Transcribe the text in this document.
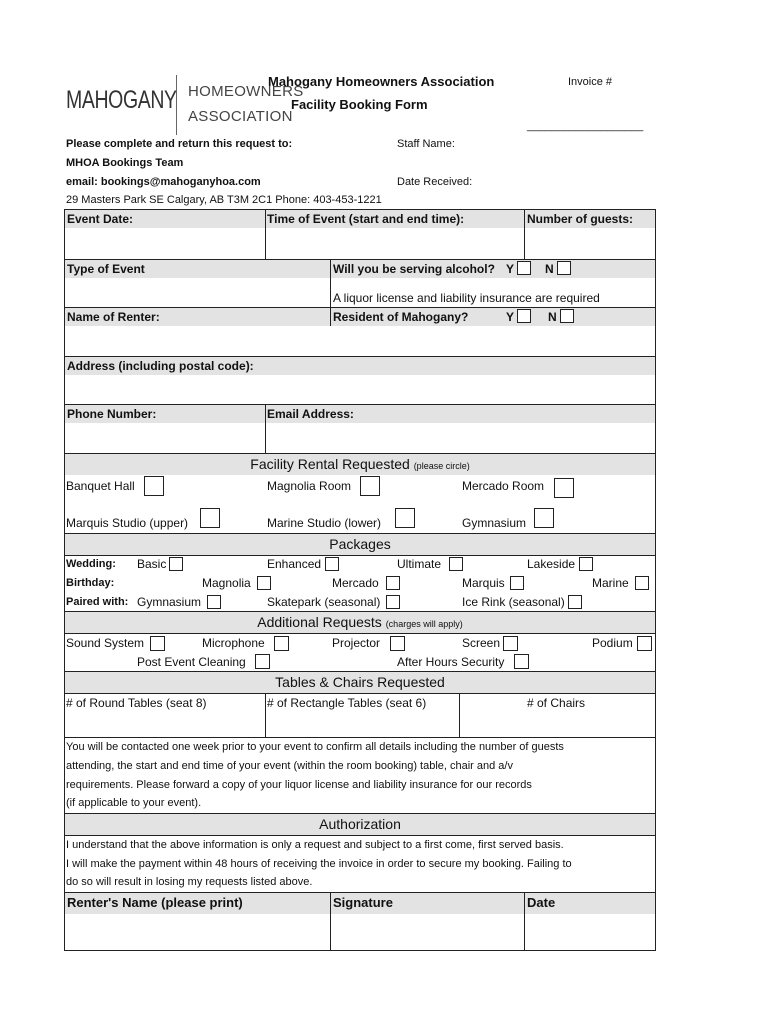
MAHOGANY HOMEOWNERS
ASSOCIATION
Mahogany Homeowners Association
Facility Booking Form
Invoice #
___________________
Please complete and return this request to:
MHOA Bookings Team
email: bookings@mahoganyhoa.com
29 Masters Park SE Calgary, AB T3M 2C1 Phone: 403-453-1221
Staff Name:
Date Received:
Event Date:	Time of Event (start and end time):	Number of guests:
Type of Event	Will you be serving alcohol? Y	N
A liquor license and liability insurance are required
Name of Renter:	Resident of Mahogany?	Y	N
Address (including postal code):
Phone Number:	Email Address:
Facility Rental Requested (please circle)
Banquet Hall	Magnolia Room	Mercado Room
Marquis Studio (upper)	Marine Studio (lower)	Gymnasium
Packages
Wedding: Basic	Enhanced	Ultimate	Lakeside
Birthday:	Magnolia	Mercado	Marquis	Marine
Paired with: Gymnasium	Skatepark (seasonal)	Ice Rink (seasonal)
Additional Requests (charges will apply)
Sound System	Microphone	Projector	Screen	Podium
Post Event Cleaning	After Hours Security
Tables & Chairs Requested
# of Round Tables (seat 8)	# of Rectangle Tables (seat 6)	# of Chairs
You will be contacted one week prior to your event to confirm all details including the number of guests
attending, the start and end time of your event (within the room booking) table, chair and a/v
requirements. Please forward a copy of your liquor license and liability insurance for our records
(if applicable to your event).
Authorization
I understand that the above information is only a request and subject to a first come, first served basis.
I will make the payment within 48 hours of receiving the invoice in order to secure my booking. Failing to
do so will result in losing my requests listed above.
Renter's Name (please print)	Signature	Date
